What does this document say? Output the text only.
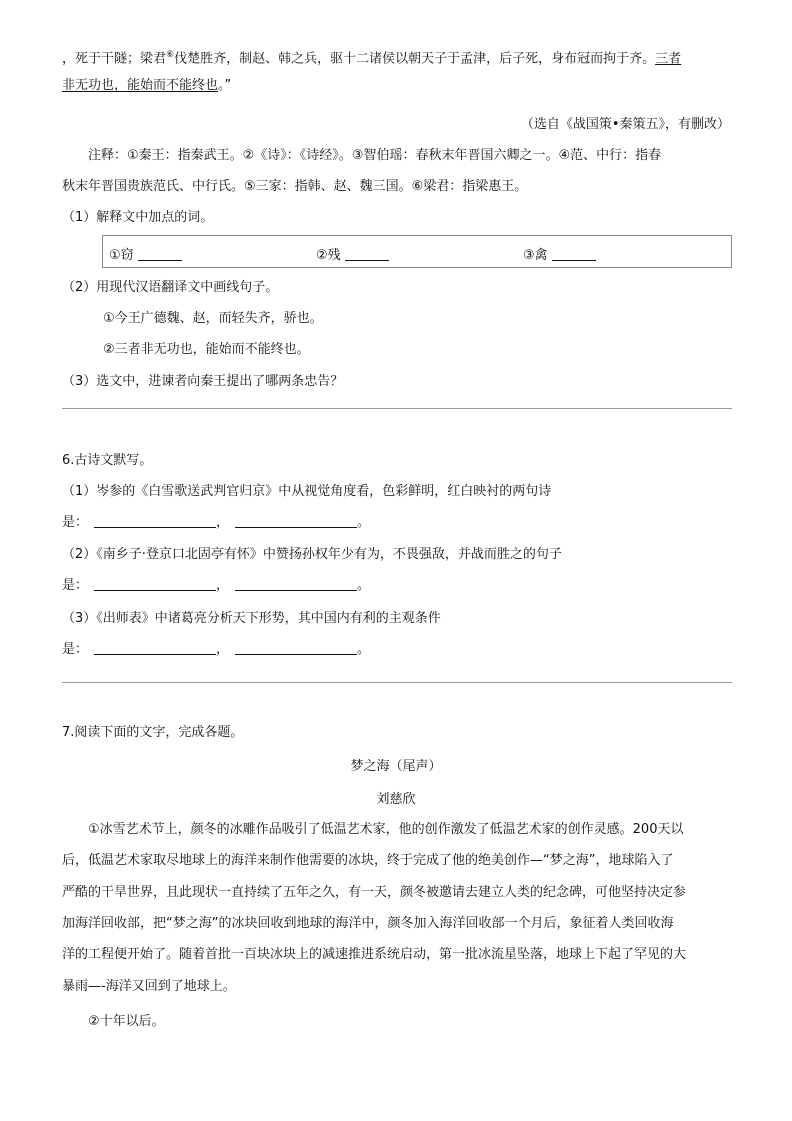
，死于干隧；梁君⑥伐楚胜齐，制赵、韩之兵，驱十二诸侯以朝天子于孟津，后子死，身布冠而拘于齐。三者
非无功也，能始而不能终也。”
（选自《战国策•秦策五》，有删改）
注释：①秦王：指秦武王。②《诗》：《诗经》。③智伯瑶：春秋末年晋国六卿之一。④范、中行：指春
秋末年晋国贵族范氏、中行氏。⑤三家：指韩、赵、魏三国。⑥梁君：指梁惠王。
（1）解释文中加点的词。
①窃	②残	③禽
（2）用现代汉语翻译文中画线句子。
①今王广德魏、赵，而轻失齐，骄也。
②三者非无功也，能始而不能终也。
（3）选文中，进谏者向秦王提出了哪两条忠告？
6.古诗文默写。
（1）岑参的《白雪歌送武判官归京》中从视觉角度看，色彩鲜明，红白映衬的两句诗
是：	，	。
（2）《南乡子·登京口北固亭有怀》中赞扬孙权年少有为，不畏强敌，并战而胜之的句子
是：	，	。
（3）《出师表》中诸葛亮分析天下形势，其中国内有利的主观条件
是：	，	。
7.阅读下面的文字，完成各题。
梦之海（尾声）
刘慈欣
①冰雪艺术节上，颜冬的冰雕作品吸引了低温艺术家，他的创作激发了低温艺术家的创作灵感。200天以
后，低温艺术家取尽地球上的海洋来制作他需要的冰块，终于完成了他的绝美创作—“梦之海”，地球陷入了
严酷的干旱世界，且此现状一直持续了五年之久，有一天，颜冬被邀请去建立人类的纪念碑，可他坚持决定参
加海洋回收部，把“梦之海”的冰块回收到地球的海洋中，颜冬加入海洋回收部一个月后，象征着人类回收海
洋的工程便开始了。随着首批一百块冰块上的减速推进系统启动，第一批冰流星坠落，地球上下起了罕见的大
暴雨—-海洋又回到了地球上。
②十年以后。
